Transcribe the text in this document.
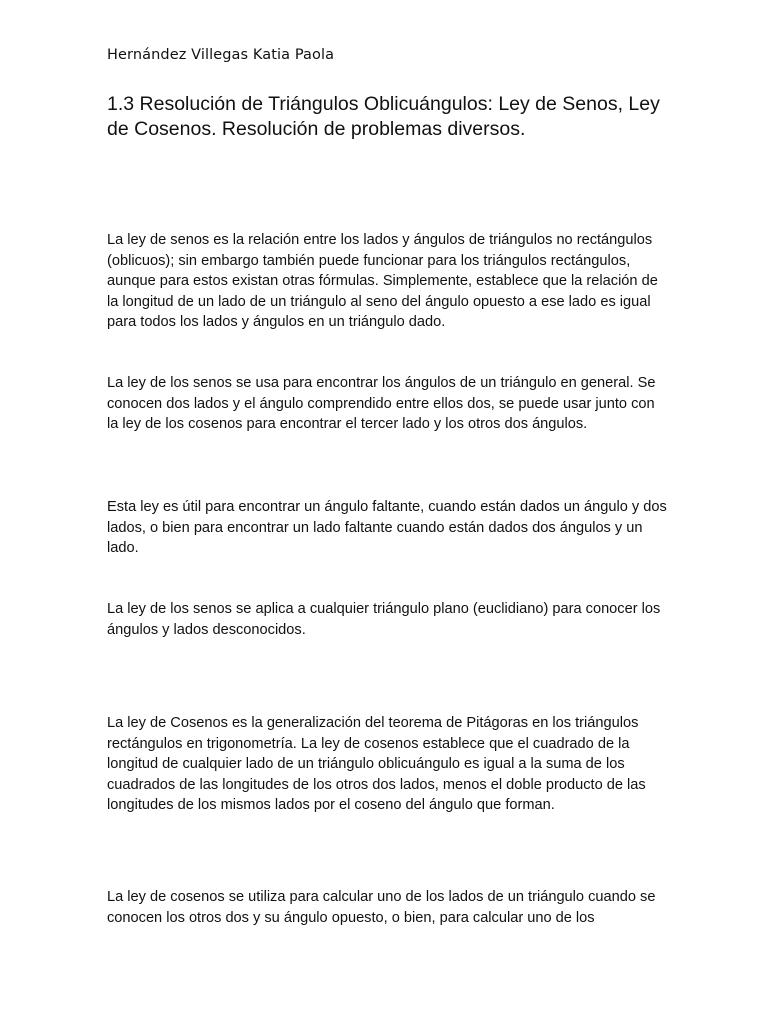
Hernández Villegas Katia Paola
1.3 Resolución de Triángulos Oblicuángulos: Ley de Senos, Ley de Cosenos. Resolución de problemas diversos.

La ley de senos es la relación entre los lados y ángulos de triángulos no rectángulos (oblicuos); sin embargo también puede funcionar para los triángulos rectángulos, aunque para estos existan otras fórmulas. Simplemente, establece que la relación de la longitud de un lado de un triángulo al seno del ángulo opuesto a ese lado es igual para todos los lados y ángulos en un triángulo dado.

La ley de los senos se usa para encontrar los ángulos de un triángulo en general. Se conocen dos lados y el ángulo comprendido entre ellos dos, se puede usar junto con la ley de los cosenos para encontrar el tercer lado y los otros dos ángulos.

Esta ley es útil para encontrar un ángulo faltante, cuando están dados un ángulo y dos lados, o bien para encontrar un lado faltante cuando están dados dos ángulos y un lado.

La ley de los senos se aplica a cualquier triángulo plano (euclidiano) para conocer los ángulos y lados desconocidos.

La ley de Cosenos es la generalización del teorema de Pitágoras en los triángulos rectángulos en trigonometría. La ley de cosenos establece que el cuadrado de la longitud de cualquier lado de un triángulo oblicuángulo es igual a la suma de los cuadrados de las longitudes de los otros dos lados, menos el doble producto de las longitudes de los mismos lados por el coseno del ángulo que forman.

La ley de cosenos se utiliza para calcular uno de los lados de un triángulo cuando se conocen los otros dos y su ángulo opuesto, o bien, para calcular uno de los
